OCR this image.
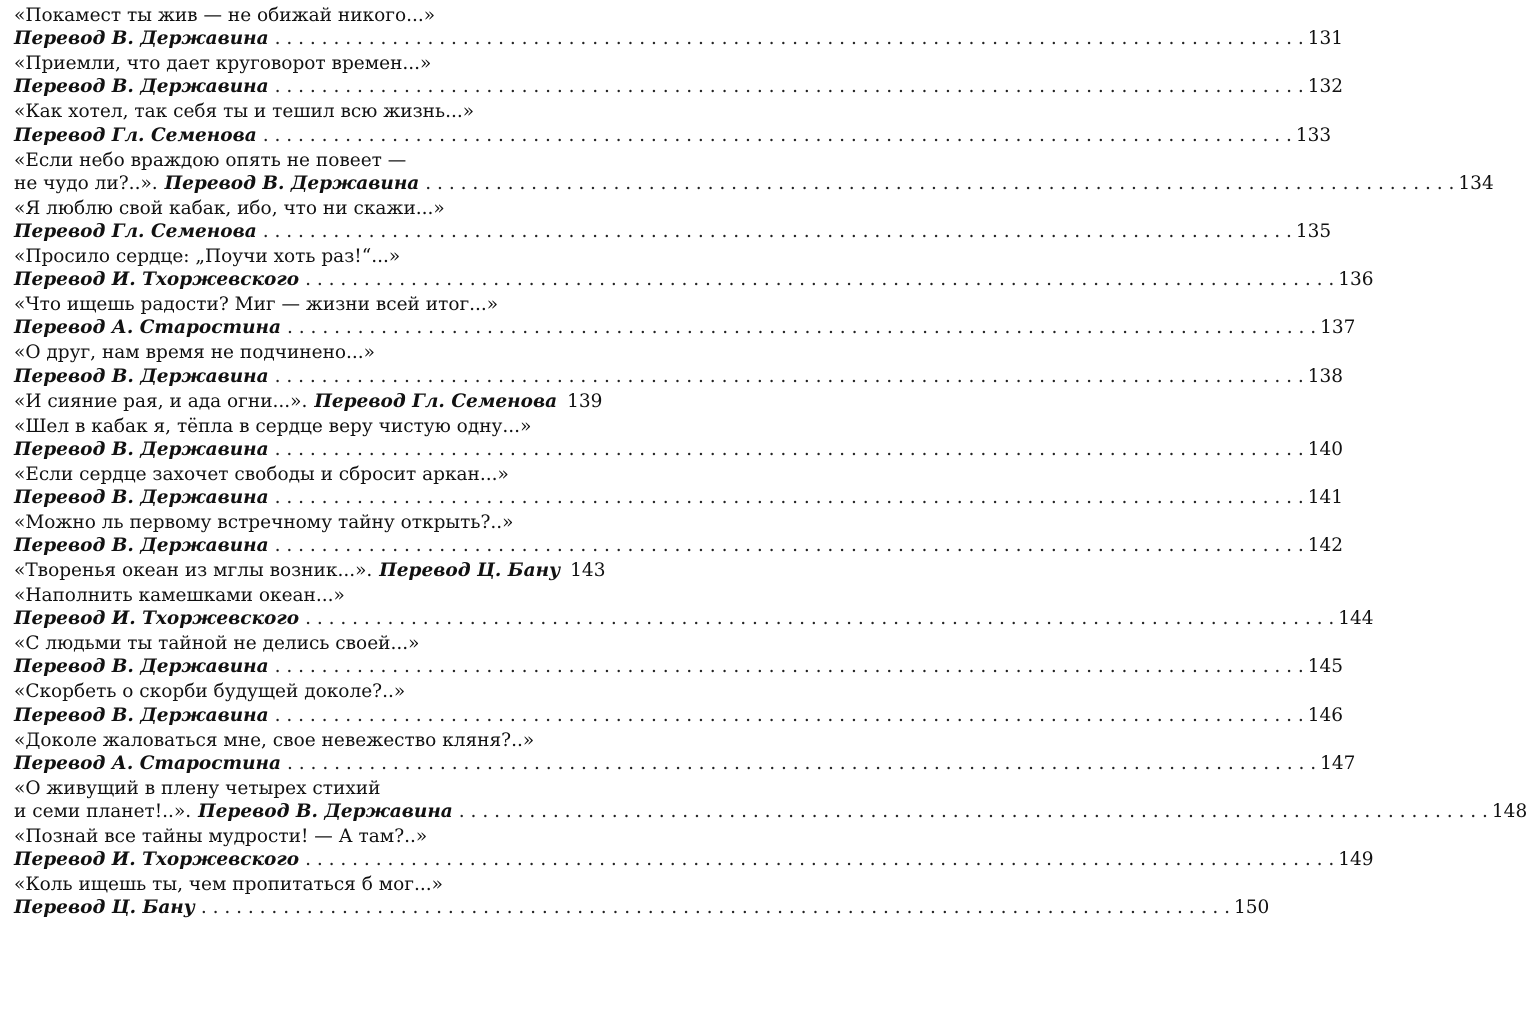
«Покамест ты жив — не обижай никого...»
Перевод В. Державина . . .	131
«Приемли, что дает круговорот времен...»
Перевод В. Державина . . .	132
«Как хотел, так себя ты и тешил всю жизнь...»
Перевод Гл. Семенова . . .	133
«Если небо враждою опять не повеет —
не чудо ли?..». Перевод В. Державина . . .	134
«Я люблю свой кабак, ибо, что ни скажи...»
Перевод Гл. Семенова . . .	135
«Просило сердце: „Поучи хоть раз!“...»
Перевод И. Тхоржевского . . .	136
«Что ищешь радости? Миг — жизни всей итог...»
Перевод А. Старостина . . .	137
«О друг, нам время не подчинено...»
Перевод В. Державина . . .	138
«И сияние рая, и ада огни...». Перевод Гл. Семенова 139
«Шел в кабак я, тёпла в сердце веру чистую одну...»
Перевод В. Державина . . .	140
«Если сердце захочет свободы и сбросит аркан...»
Перевод В. Державина . . .	141
«Можно ль первому встречному тайну открыть?..»
Перевод В. Державина . . .	142
«Творенья океан из мглы возник...». Перевод Ц. Бану 143
«Наполнить камешками океан...»
Перевод И. Тхоржевского . . .	144
«С людьми ты тайной не делись своей...»
Перевод В. Державина . . .	145
«Скорбеть о скорби будущей доколе?..»
Перевод В. Державина . . .	146
«Доколе жаловаться мне, свое невежество кляня?..»
Перевод А. Старостина . . .	147
«О живущий в плену четырех стихий
и семи планет!..». Перевод В. Державина . . .	148
«Познай все тайны мудрости! — А там?..»
Перевод И. Тхоржевского . . .	149
«Коль ищешь ты, чем пропитаться б мог...»
Перевод Ц. Бану . . .	150
